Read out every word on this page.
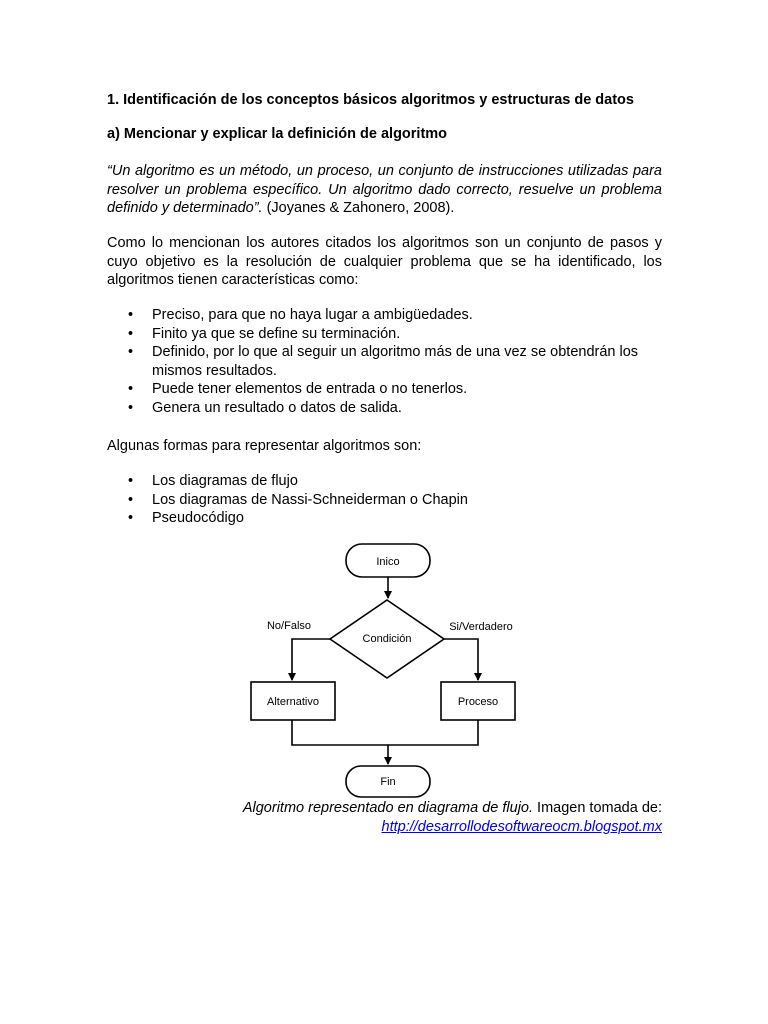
1. Identificación de los conceptos básicos algoritmos y estructuras de datos
a) Mencionar y explicar la definición de algoritmo
“Un algoritmo es un método, un proceso, un conjunto de instrucciones utilizadas para resolver un problema específico. Un algoritmo dado correcto, resuelve un problema definido y determinado”. (Joyanes & Zahonero, 2008).
Como lo mencionan los autores citados los algoritmos son un conjunto de pasos y cuyo objetivo es la resolución de cualquier problema que se ha identificado, los algoritmos tienen características como:
• Preciso, para que no haya lugar a ambigüedades.
• Finito ya que se define su terminación.
• Definido, por lo que al seguir un algoritmo más de una vez se obtendrán los mismos resultados.
• Puede tener elementos de entrada o no tenerlos.
• Genera un resultado o datos de salida.
Algunas formas para representar algoritmos son:
• Los diagramas de flujo
• Los diagramas de Nassi-Schneiderman o Chapin
• Pseudocódigo
Inico
Condición
No/Falso	Si/Verdadero
Alternativo	Proceso
Fin
Algoritmo representado en diagrama de flujo. Imagen tomada de:
http://desarrollodesoftwareocm.blogspot.mx
